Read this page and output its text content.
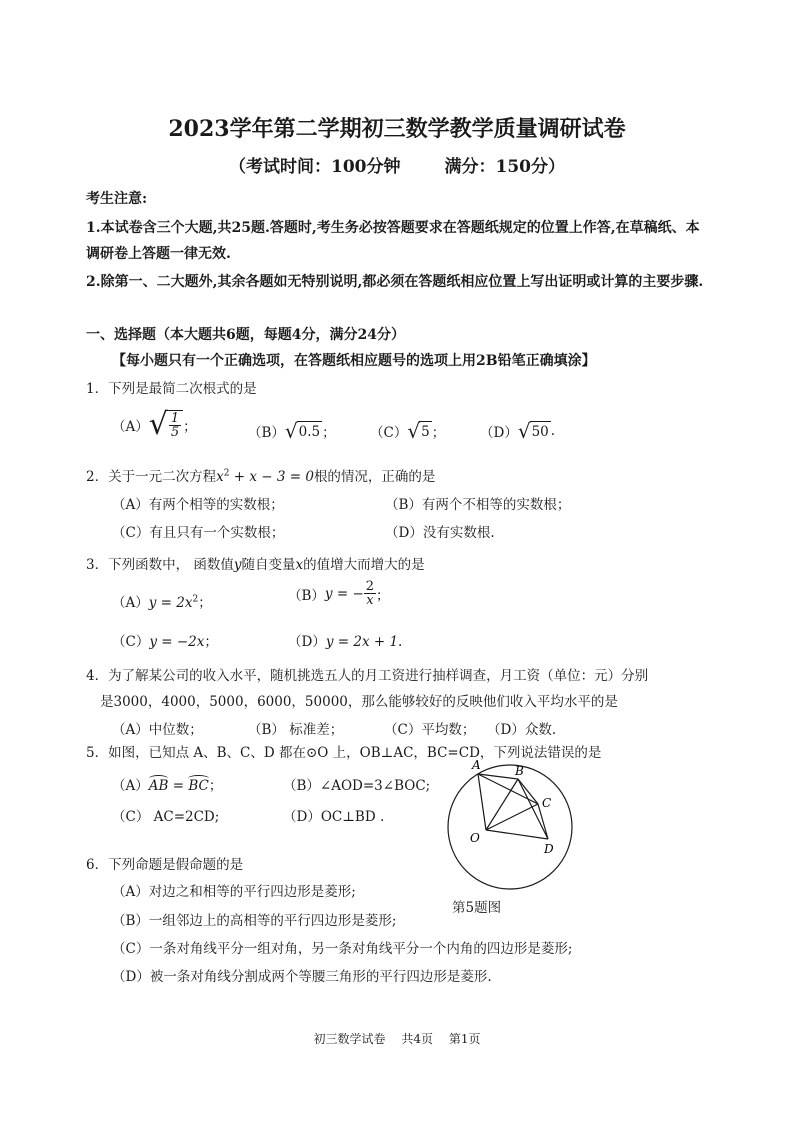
2023学年第二学期初三数学教学质量调研试卷
（考试时间：100分钟	满分：150分）
考生注意:
1.本试卷含三个大题,共25题.答题时,考生务必按答题要求在答题纸规定的位置上作答,在草稿纸、本
调研卷上答题一律无效.
2.除第一、二大题外,其余各题如无特别说明,都必须在答题纸相应位置上写出证明或计算的主要步骤.
一、选择题（本大题共6题，每题4分，满分24分）
【每小题只有一个正确选项，在答题纸相应题号的选项上用2B铅笔正确填涂】
1．下列是最简二次根式的是
（A） √ $\frac{1}{5}$ ；	（B） √ 0.5 ；	（C） √ 5 ；	（D） √ 50 .
2．关于一元二次方程$x^2 + x - 3 = 0$根的情况，正确的是
（A）有两个相等的实数根；	（B）有两个不相等的实数根；
（C）有且只有一个实数根；	（D）没有实数根.
3．下列函数中， 函数值y随自变量x的值增大而增大的是
$(A)y = 2x^2$；	（B） y = − $\frac{2}{x}$ ；
（C）y = −2x；	（D）y = 2x + 1.
4．为了解某公司的收入水平，随机挑选五人的月工资进行抽样调查，月工资（单位：元）分别
是3000，4000，5000，6000，50000，那么能够较好的反映他们收入平均水平的是
（A）中位数；	（B） 标准差；	（C）平均数； （D）众数.
5．如图，已知点 A、B、C、D 都在⊙O 上，OB⊥AC，BC=CD，下列说法错误的是
（A）AB = BC；	（B）∠AOD=3∠BOC;
（C） AC=2CD;	（D）OC⊥BD .
A	B
C
D
O
第5题图
6．下列命题是假命题的是
（A）对边之和相等的平行四边形是菱形;
（B）一组邻边上的高相等的平行四边形是菱形;
（C）一条对角线平分一组对角，另一条对角线平分一个内角的四边形是菱形;
（D）被一条对角线分割成两个等腰三角形的平行四边形是菱形.
初三数学试卷 共4页 第1页
